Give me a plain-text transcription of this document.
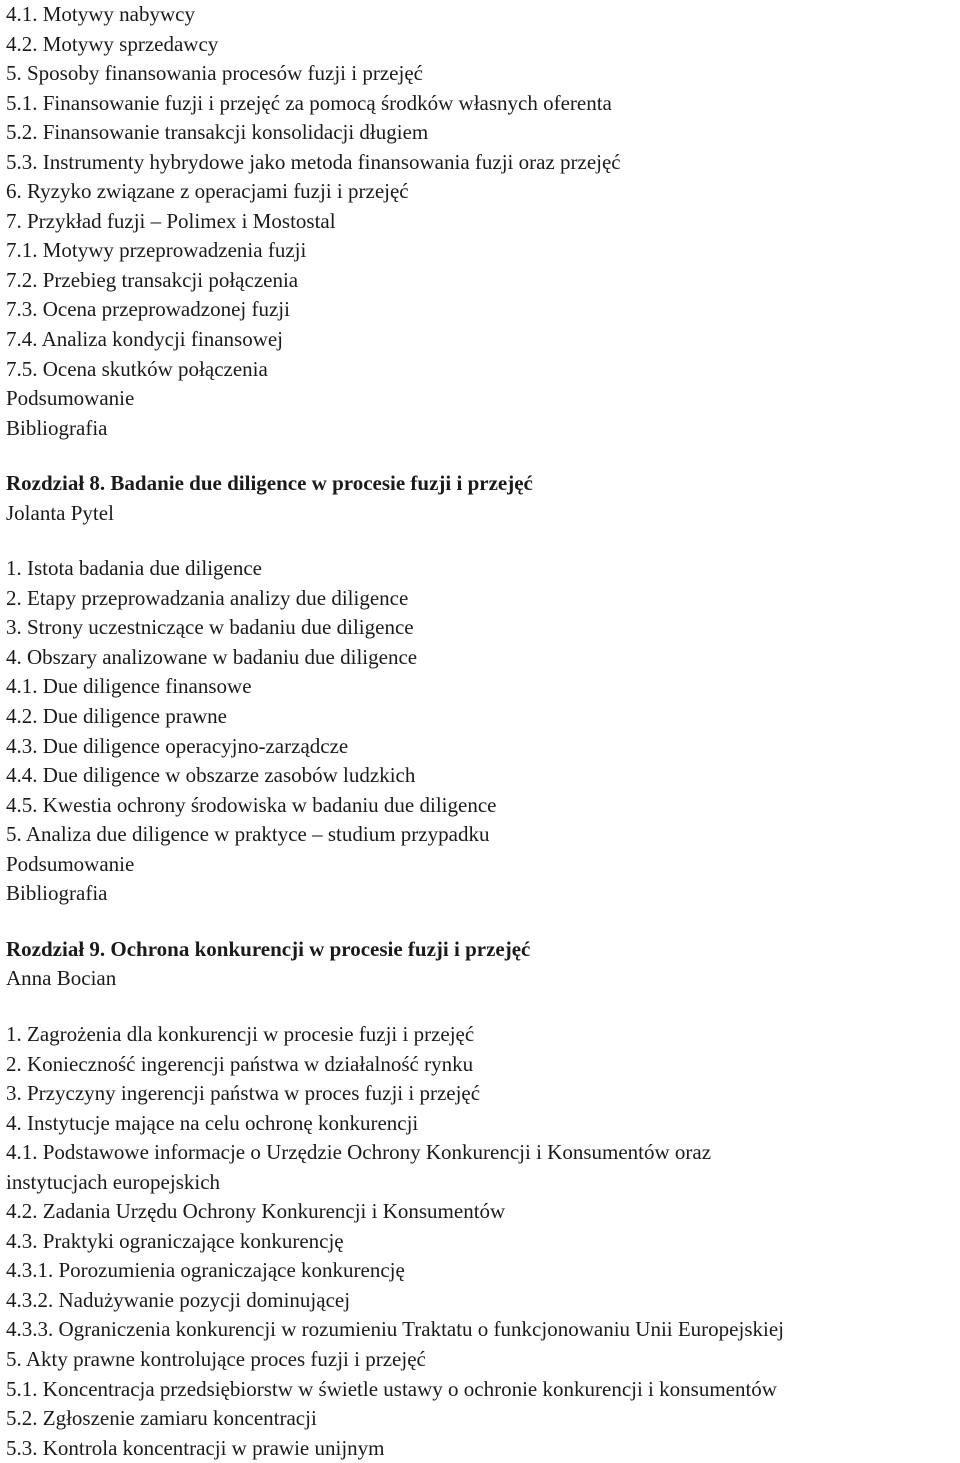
4.1. Motywy nabywcy
4.2. Motywy sprzedawcy
5. Sposoby finansowania procesów fuzji i przejęć
5.1. Finansowanie fuzji i przejęć za pomocą środków własnych oferenta
5.2. Finansowanie transakcji konsolidacji długiem
5.3. Instrumenty hybrydowe jako metoda finansowania fuzji oraz przejęć
6. Ryzyko związane z operacjami fuzji i przejęć
7. Przykład fuzji – Polimex i Mostostal
7.1. Motywy przeprowadzenia fuzji
7.2. Przebieg transakcji połączenia
7.3. Ocena przeprowadzonej fuzji
7.4. Analiza kondycji finansowej
7.5. Ocena skutków połączenia
Podsumowanie
Bibliografia
Rozdział 8. Badanie due diligence w procesie fuzji i przejęć
Jolanta Pytel
1. Istota badania due diligence
2. Etapy przeprowadzania analizy due diligence
3. Strony uczestniczące w badaniu due diligence
4. Obszary analizowane w badaniu due diligence
4.1. Due diligence finansowe
4.2. Due diligence prawne
4.3. Due diligence operacyjno-zarządcze
4.4. Due diligence w obszarze zasobów ludzkich
4.5. Kwestia ochrony środowiska w badaniu due diligence
5. Analiza due diligence w praktyce – studium przypadku
Podsumowanie
Bibliografia
Rozdział 9. Ochrona konkurencji w procesie fuzji i przejęć
Anna Bocian
1. Zagrożenia dla konkurencji w procesie fuzji i przejęć
2. Konieczność ingerencji państwa w działalność rynku
3. Przyczyny ingerencji państwa w proces fuzji i przejęć
4. Instytucje mające na celu ochronę konkurencji
4.1. Podstawowe informacje o Urzędzie Ochrony Konkurencji i Konsumentów oraz
instytucjach europejskich
4.2. Zadania Urzędu Ochrony Konkurencji i Konsumentów
4.3. Praktyki ograniczające konkurencję
4.3.1. Porozumienia ograniczające konkurencję
4.3.2. Nadużywanie pozycji dominującej
4.3.3. Ograniczenia konkurencji w rozumieniu Traktatu o funkcjonowaniu Unii Europejskiej
5. Akty prawne kontrolujące proces fuzji i przejęć
5.1. Koncentracja przedsiębiorstw w świetle ustawy o ochronie konkurencji i konsumentów
5.2. Zgłoszenie zamiaru koncentracji
5.3. Kontrola koncentracji w prawie unijnym
